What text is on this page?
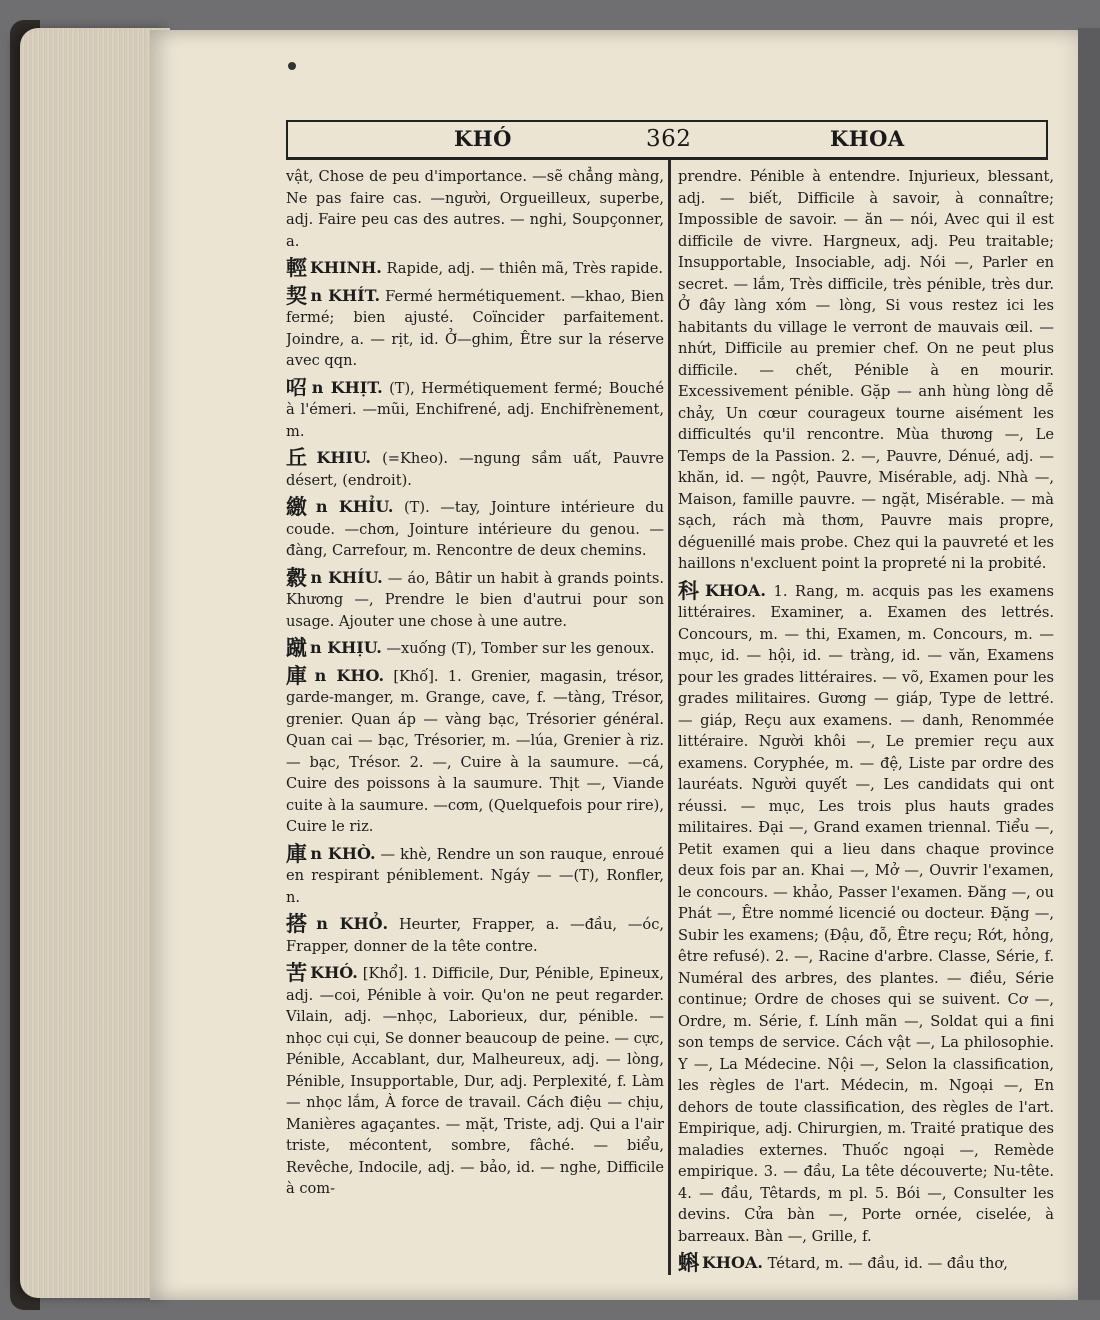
KHÓ	362	KHOA

vật, Chose de peu d'importance. —sẽ chẳng màng, Ne pas faire cas. —người, Orgueilleux, superbe, adj. Faire peu cas des autres. — nghi, Soupçonner, a.

輕 KHINH. Rapide, adj. — thiên mã, Très rapide.

契 n KHÍT. Fermé hermétiquement. —khao, Bien fermé; bien ajusté. Coïncider parfaitement. Joindre, a. — rịt, id. Ở—ghim, Être sur la réserve avec qqn.

𠰉 n KHỊT. (T), Hermétiquement fermé; Bouché à l'émeri. —mũi, Enchifrené, adj. Enchifrènement, m.

丘 KHIU. (=Kheo). —ngung sầm uất, Pauvre désert, (endroit).

繳 n KHỈU. (T). —tay, Jointure intérieure du coude. —chơn, Jointure intérieure du genou. —đàng, Carrefour, m. Rencontre de deux chemins.

縠 n KHÍU. — áo, Bâtir un habit à grands points. Khương —, Prendre le bien d'autrui pour son usage. Ajouter une chose à une autre.

蹴 n KHỊU. —xuống (T), Tomber sur les genoux.

庫 n KHO. [Khố]. 1. Grenier, magasin, trésor, garde-manger, m. Grange, cave, f. —tàng, Trésor, grenier. Quan áp — vàng bạc, Trésorier général. Quan cai — bạc, Trésorier, m. —lúa, Grenier à riz. — bạc, Trésor. 2. —, Cuire à la saumure. —cá, Cuire des poissons à la saumure. Thịt —, Viande cuite à la saumure. —cơm, (Quelquefois pour rire), Cuire le riz.

庫 n KHÒ. — khè, Rendre un son rauque, enroué en respirant péniblement. Ngáy — —(T), Ronfler, n.

搭 n KHỎ. Heurter, Frapper, a. —đầu, —óc, Frapper, donner de la tête contre.

苦 KHÓ. [Khổ]. 1. Difficile, Dur, Pénible, Epineux, adj. —coi, Pénible à voir. Qu'on ne peut regarder. Vilain, adj. —nhọc, Laborieux, dur, pénible. — nhọc cụi cụi, Se donner beaucoup de peine. — cực, Pénible, Accablant, dur, Malheureux, adj. — lòng, Pénible, Insupportable, Dur, adj. Perplexité, f. Làm — nhọc lắm, À force de travail. Cách điệu — chịu, Manières agaçantes. — mặt, Triste, adj. Qui a l'air triste, mécontent, sombre, fâché. — biểu, Revêche, Indocile, adj. — bảo, id. — nghe, Difficile à com-

prendre. Pénible à entendre. Injurieux, blessant, adj. — biết, Difficile à savoir, à connaître; Impossible de savoir. — ăn — nói, Avec qui il est difficile de vivre. Hargneux, adj. Peu traitable; Insupportable, Insociable, adj. Nói —, Parler en secret. — lắm, Très difficile, très pénible, très dur. Ở đây làng xóm — lòng, Si vous restez ici les habitants du village le verront de mauvais œil. — nhứt, Difficile au premier chef. On ne peut plus difficile. — chết, Pénible à en mourir. Excessivement pénible. Gặp — anh hùng lòng dễ chảy, Un cœur courageux tourne aisément les difficultés qu'il rencontre. Mùa thương —, Le Temps de la Passion. 2. —, Pauvre, Dénué, adj. — khăn, id. — ngột, Pauvre, Misérable, adj. Nhà —, Maison, famille pauvre. — ngặt, Misérable. — mà sạch, rách mà thơm, Pauvre mais propre, déguenillé mais probe. Chez qui la pauvreté et les haillons n'excluent point la propreté ni la probité.

科 KHOA. 1. Rang, m. acquis pas les examens littéraires. Examiner, a. Examen des lettrés. Concours, m. — thi, Examen, m. Concours, m. — mục, id. — hội, id. — tràng, id. — văn, Examens pour les grades littéraires. — võ, Examen pour les grades militaires. Gương — giáp, Type de lettré. — giáp, Reçu aux examens. — danh, Renommée littéraire. Người khôi —, Le premier reçu aux examens. Coryphée, m. — đệ, Liste par ordre des lauréats. Người quyết —, Les candidats qui ont réussi. — mục, Les trois plus hauts grades militaires. Đại —, Grand examen triennal. Tiểu —, Petit examen qui a lieu dans chaque province deux fois par an. Khai —, Mở —, Ouvrir l'examen, le concours. — khảo, Passer l'examen. Đăng —, ou Phát —, Être nommé licencié ou docteur. Đặng —, Subir les examens; (Đậu, đỗ, Être reçu; Rớt, hỏng, être refusé). 2. —, Racine d'arbre. Classe, Série, f. Numéral des arbres, des plantes. — điều, Série continue; Ordre de choses qui se suivent. Cơ —, Ordre, m. Série, f. Lính mãn —, Soldat qui a fini son temps de service. Cách vật —, La philosophie. Y —, La Médecine. Nội —, Selon la classification, les règles de l'art. Médecin, m. Ngoại —, En dehors de toute classification, des règles de l'art. Empirique, adj. Chirurgien, m. Traité pratique des maladies externes. Thuốc ngoại —, Remède empirique. 3. — đầu, La tête découverte; Nu-tête. 4. — đầu, Têtards, m pl. 5. Bói —, Consulter les devins. Cửa bàn —, Porte ornée, ciselée, à barreaux. Bàn —, Grille, f.

蝌 KHOA. Tétard, m. — đầu, id. — đầu thơ,
